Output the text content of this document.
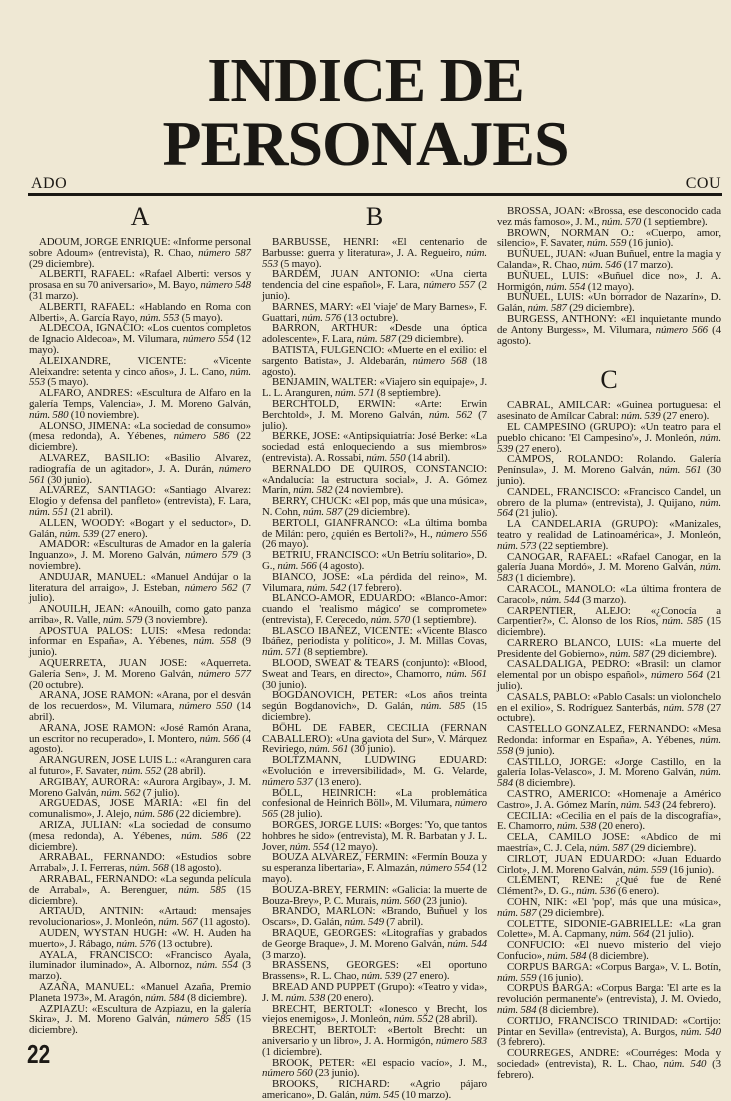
INDICE DE
PERSONAJES
ADO	COU
A

ADOUM, JORGE ENRIQUE: «Informe personal sobre Adoum» (entrevista), R. Chao, número 587 (29 diciembre).

ALBERTI, RAFAEL: «Rafael Alberti: versos y prosasa en su 70 aniversario», M. Bayo, número 548 (31 marzo).

ALBERTI, RAFAEL: «Hablando en Roma con Alberti», A. García Rayo, núm. 553 (5 mayo).

ALDECOA, IGNACIO: «Los cuentos completos de Ignacio Aldecoa», M. Vilumara, número 554 (12 mayo).

ALEIXANDRE, VICENTE: «Vicente Aleixandre: setenta y cinco años», J. L. Cano, núm. 553 (5 mayo).

ALFARO, ANDRES: «Escultura de Alfaro en la galería Temps, Valencia», J. M. Moreno Galván, núm. 580 (10 noviembre).

ALONSO, JIMENA: «La sociedad de consumo» (mesa redonda), A. Yébenes, número 586 (22 diciembre).

ALVAREZ, BASILIO: «Basilio Alvarez, radiografía de un agitador», J. A. Durán, número 561 (30 junio).

ALVAREZ, SANTIAGO: «Santiago Alvarez: Elogio y defensa del panfleto» (entrevista), F. Lara, núm. 551 (21 abril).

ALLEN, WOODY: «Bogart y el seductor», D. Galán, núm. 539 (27 enero).

AMADOR: «Esculturas de Amador en la galería Inguanzo», J. M. Moreno Galván, número 579 (3 noviembre).

ANDUJAR, MANUEL: «Manuel Andújar o la literatura del arraigo», J. Esteban, número 562 (7 julio).

ANOUILH, JEAN: «Anouilh, como gato panza arriba», R. Valle, núm. 579 (3 noviembre).

APOSTUA PALOS: LUIS: «Mesa redonda: informar en España», A. Yébenes, núm. 558 (9 junio).

AQUERRETA, JUAN JOSE: «Aquerreta. Galería Sen», J. M. Moreno Galván, número 577 (20 octubre).

ARANA, JOSE RAMON: «Arana, por el desván de los recuerdos», M. Vilumara, número 550 (14 abril).

ARANA, JOSE RAMON: «José Ramón Arana, un escritor no recuperado», I. Montero, núm. 566 (4 agosto).

ARANGUREN, JOSE LUIS L.: «Aranguren cara al futuro», F. Savater, núm. 552 (28 abril).

ARGIBAY, AURORA: «Aurora Argibay», J. M. Moreno Galván, núm. 562 (7 julio).

ARGUEDAS, JOSE MARIA: «El fin del comunalismo», J. Alejo, núm. 586 (22 diciembre).

ARIZA, JULIAN: «La sociedad de consumo (mesa redonda), A. Yébenes, núm. 586 (22 diciembre).

ARRABAL, FERNANDO: «Estudios sobre Arrabal», J. I. Ferreras, núm. 568 (18 agosto).

ARRABAL, FERNANDO: «La segunda película de Arrabal», A. Berenguer, núm. 585 (15 diciembre).

ARTAUD, ANTNIN: «Artaud: mensajes revolucionarios», J. Monleón, núm. 567 (11 agosto).

AUDEN, WYSTAN HUGH: «W. H. Auden ha muerto», J. Rábago, núm. 576 (13 octubre).

AYALA, FRANCISCO: «Francisco Ayala, iluminador iluminado», A. Albornoz, núm. 554 (3 marzo).

AZAÑA, MANUEL: «Manuel Azaña, Premio Planeta 1973», M. Aragón, núm. 584 (8 diciembre).

AZPIAZU: «Escultura de Azpiazu, en la galería Skira», J. M. Moreno Galván, número 585 (15 diciembre).

B

BARBUSSE, HENRI: «El centenario de Barbusse: guerra y literatura», J. A. Regueiro, núm. 553 (5 mayo).

BARDEM, JUAN ANTONIO: «Una cierta tendencia del cine español», F. Lara, número 557 (2 junio).

BARNES, MARY: «El 'viaje' de Mary Barnes», F. Guattari, núm. 576 (13 octubre).

BARRON, ARTHUR: «Desde una óptica adolescente», F. Lara, núm. 587 (29 diciembre).

BATISTA, FULGENCIO: «Muerte en el exilio: el sargento Batista», J. Aldebarán, número 568 (18 agosto).

BENJAMIN, WALTER: «Viajero sin equipaje», J. L. L. Aranguren, núm. 571 (8 septiembre).

BERCHTOLD, ERWIN: «Arte: Erwin Berchtold», J. M. Moreno Galván, núm. 562 (7 julio).

BERKE, JOSE: «Antipsiquiatría: José Berke: «La sociedad está enloqueciendo a sus miembros» (entrevista). A. Rossabi, núm. 550 (14 abril).

BERNALDO DE QUIROS, CONSTANCIO: «Andalucía: la estructura social», J. A. Gómez Marín, núm. 582 (24 noviembre).

BERRY, CHUCK: «El pop, más que una música», N. Cohn, núm. 587 (29 diciembre).

BERTOLI, GIANFRANCO: «La última bomba de Milán: pero, ¿quién es Bertoli?», H., número 556 (26 mayo).

BETRIU, FRANCISCO: «Un Betríu solitario», D. G., núm. 566 (4 agosto).

BIANCO, JOSE: «La pérdida del reino», M. Vilumara, núm. 542 (17 febrero).

BLANCO-AMOR, EDUARDO: «Blanco-Amor: cuando el 'realismo mágico' se compromete» (entrevista), F. Cerecedo, núm. 570 (1 septiembre).

BLASCO IBAÑEZ, VICENTE: «Vicente Blasco Ibáñez, periodista y político», J. M. Millas Covas, núm. 571 (8 septiembre).

BLOOD, SWEAT & TEARS (conjunto): «Blood, Sweat and Tears, en directo», Chamorro, núm. 561 (30 junio).

BOGDANOVICH, PETER: «Los años treinta según Bogdanovich», D. Galán, núm. 585 (15 diciembre).

BÖHL DE FABER, CECILIA (FERNAN CABALLERO): «Una gaviota del Sur», V. Márquez Reviriego, núm. 561 (30 junio).

BOLTZMANN, LUDWING EDUARD: «Evolución e irreversibilidad», M. G. Velarde, número 537 (13 enero).

BÖLL, HEINRICH: «La problemática confesional de Heinrich Böll», M. Vilumara, número 565 (28 julio).

BORGES, JORGE LUIS: «Borges: 'Yo, que tantos hohbres he sido» (entrevista), M. R. Barbatan y J. L. Jover, núm. 554 (12 mayo).

BOUZA ALVAREZ, FERMIN: «Fermín Bouza y su esperanza libertaria», F. Almazán, número 554 (12 mayo).

BOUZA-BREY, FERMIN: «Galicia: la muerte de Bouza-Brey», P. C. Murais, núm. 560 (23 junio).

BRANDO, MARLON: «Brando, Buñuel y los Oscars», D. Galán, núm. 549 (7 abril).

BRAQUE, GEORGES: «Litografías y grabados de George Braque», J. M. Moreno Galván, núm. 544 (3 marzo).

BRASSENS, GEORGES: «El oportuno Brassens», R. L. Chao, núm. 539 (27 enero).

BREAD AND PUPPET (Grupo): «Teatro y vida», J. M. núm. 538 (20 enero).

BRECHT, BERTOLT: «Ionesco y Brecht, los viejos enemigos», J. Monleón, núm. 552 (28 abril).

BRECHT, BERTOLT: «Bertolt Brecht: un aniversario y un libro», J. A. Hormigón, número 583 (1 diciembre).

BROOK, PETER: «El espacio vacío», J. M., número 560 (23 junio).

BROOKS, RICHARD: «Agrio pájaro americano», D. Galán, núm. 545 (10 marzo).

BROSSA, JOAN: «Brossa, ese desconocido cada vez más famoso», J. M., núm. 570 (1 septiembre).

BROWN, NORMAN O.: «Cuerpo, amor, silencio», F. Savater, núm. 559 (16 junio).

BUÑUEL, JUAN: «Juan Buñuel, entre la magia y Calanda», R. Chao, núm. 546 (17 marzo).

BUÑUEL, LUIS: «Buñuel dice no», J. A. Hormigón, núm. 554 (12 mayo).

BUÑUEL, LUIS: «Un borrador de Nazarín», D. Galán, núm. 587 (29 diciembre).

BURGESS, ANTHONY: «El inquietante mundo de Antony Burgess», M. Vilumara, número 566 (4 agosto).

C

CABRAL, AMILCAR: «Guinea portuguesa: el asesinato de Amílcar Cabral: núm. 539 (27 enero).

EL CAMPESINO (GRUPO): «Un teatro para el pueblo chicano: 'El Campesino'», J. Monleón, núm. 539 (27 enero).

CAMPOS, ROLANDO: Rolando. Galería Península», J. M. Moreno Galván, núm. 561 (30 junio).

CANDEL, FRANCISCO: «Francisco Candel, un obrero de la pluma» (entrevista), J. Quijano, núm. 564 (21 julio).

LA CANDELARIA (GRUPO): «Manizales, teatro y realidad de Latinoamérica», J. Monleón, núm. 573 (22 septiembre).

CANOGAR, RAFAEL: «Rafael Canogar, en la galería Juana Mordó», J. M. Moreno Galván, núm. 583 (1 diciembre).

CARACOL, MANOLO: «La última frontera de Caracol», núm. 544 (3 marzo).

CARPENTIER, ALEJO: «¿Conocía a Carpentier?», C. Alonso de los Ríos, núm. 585 (15 diciembre).

CARRERO BLANCO, LUIS: «La muerte del Presidente del Gobierno», núm. 587 (29 diciembre).

CASALDALIGA, PEDRO: «Brasil: un clamor elemental por un obispo español», número 564 (21 julio).

CASALS, PABLO: «Pablo Casals: un violonchelo en el exilio», S. Rodríguez Santerbás, núm. 578 (27 octubre).

CASTELLO GONZALEZ, FERNANDO: «Mesa Redonda: informar en España», A. Yébenes, núm. 558 (9 junio).

CASTILLO, JORGE: «Jorge Castillo, en la galería Iolas-Velasco», J. M. Moreno Galván, núm. 584 (8 diciembre).

CASTRO, AMERICO: «Homenaje a Américo Castro», J. A. Gómez Marín, núm. 543 (24 febrero).

CECILIA: «Cecilia en el país de la discografía», E. Chamorro, núm. 538 (20 enero).

CELA, CAMILO JOSE: «Abdico de mi maestría», C. J. Cela, núm. 587 (29 diciembre).

CIRLOT, JUAN EDUARDO: «Juan Eduardo Cirlot», J. M. Moreno Galván, núm. 559 (16 junio).

CLÉMENT, RENE: ¿Qué fue de René Clément?», D. G., núm. 536 (6 enero).

COHN, NIK: «El 'pop', más que una música», núm. 587 (29 diciembre).

COLETTE, SIDONIE-GABRIELLE: «La gran Colette», M. A. Capmany, núm. 564 (21 julio).

CONFUCIO: «El nuevo misterio del viejo Confucio», núm. 584 (8 diciembre).

CORPUS BARGA: «Corpus Barga», V. L. Botín, núm. 559 (16 junio).

CORPUS BARGA: «Corpus Barga: 'El arte es la revolución permanente'» (entrevista), J. M. Oviedo, núm. 584 (8 diciembre).

CORTIJO, FRANCISCO TRINIDAD: «Cortijo: Pintar en Sevilla» (entrevista), A. Burgos, núm. 540 (3 febrero).

COURREGES, ANDRE: «Courréges: Moda y sociedad» (entrevista), R. L. Chao, núm. 540 (3 febrero).

22
